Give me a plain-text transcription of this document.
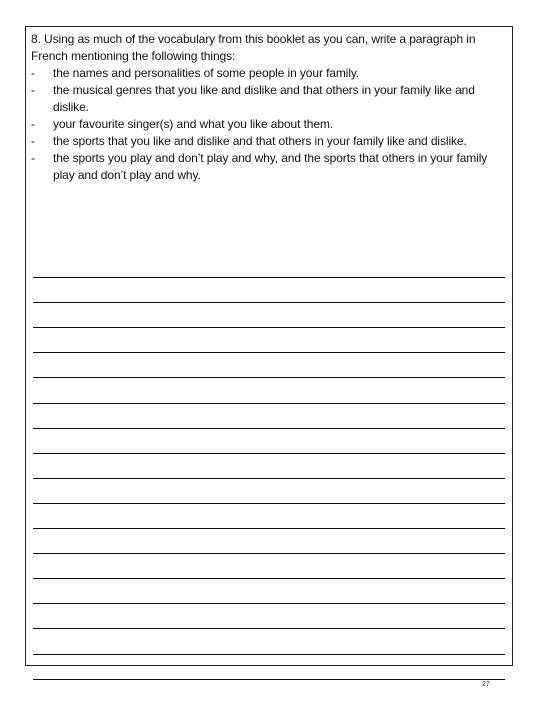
8. Using as much of the vocabulary from this booklet as you can, write a paragraph in French mentioning the following things:

- the names and personalities of some people in your family.
- the musical genres that you like and dislike and that others in your family like and dislike.
- your favourite singer(s) and what you like about them.
- the sports that you like and dislike and that others in your family like and dislike.
- the sports you play and don’t play and why, and the sports that others in your family play and don’t play and why.
27
